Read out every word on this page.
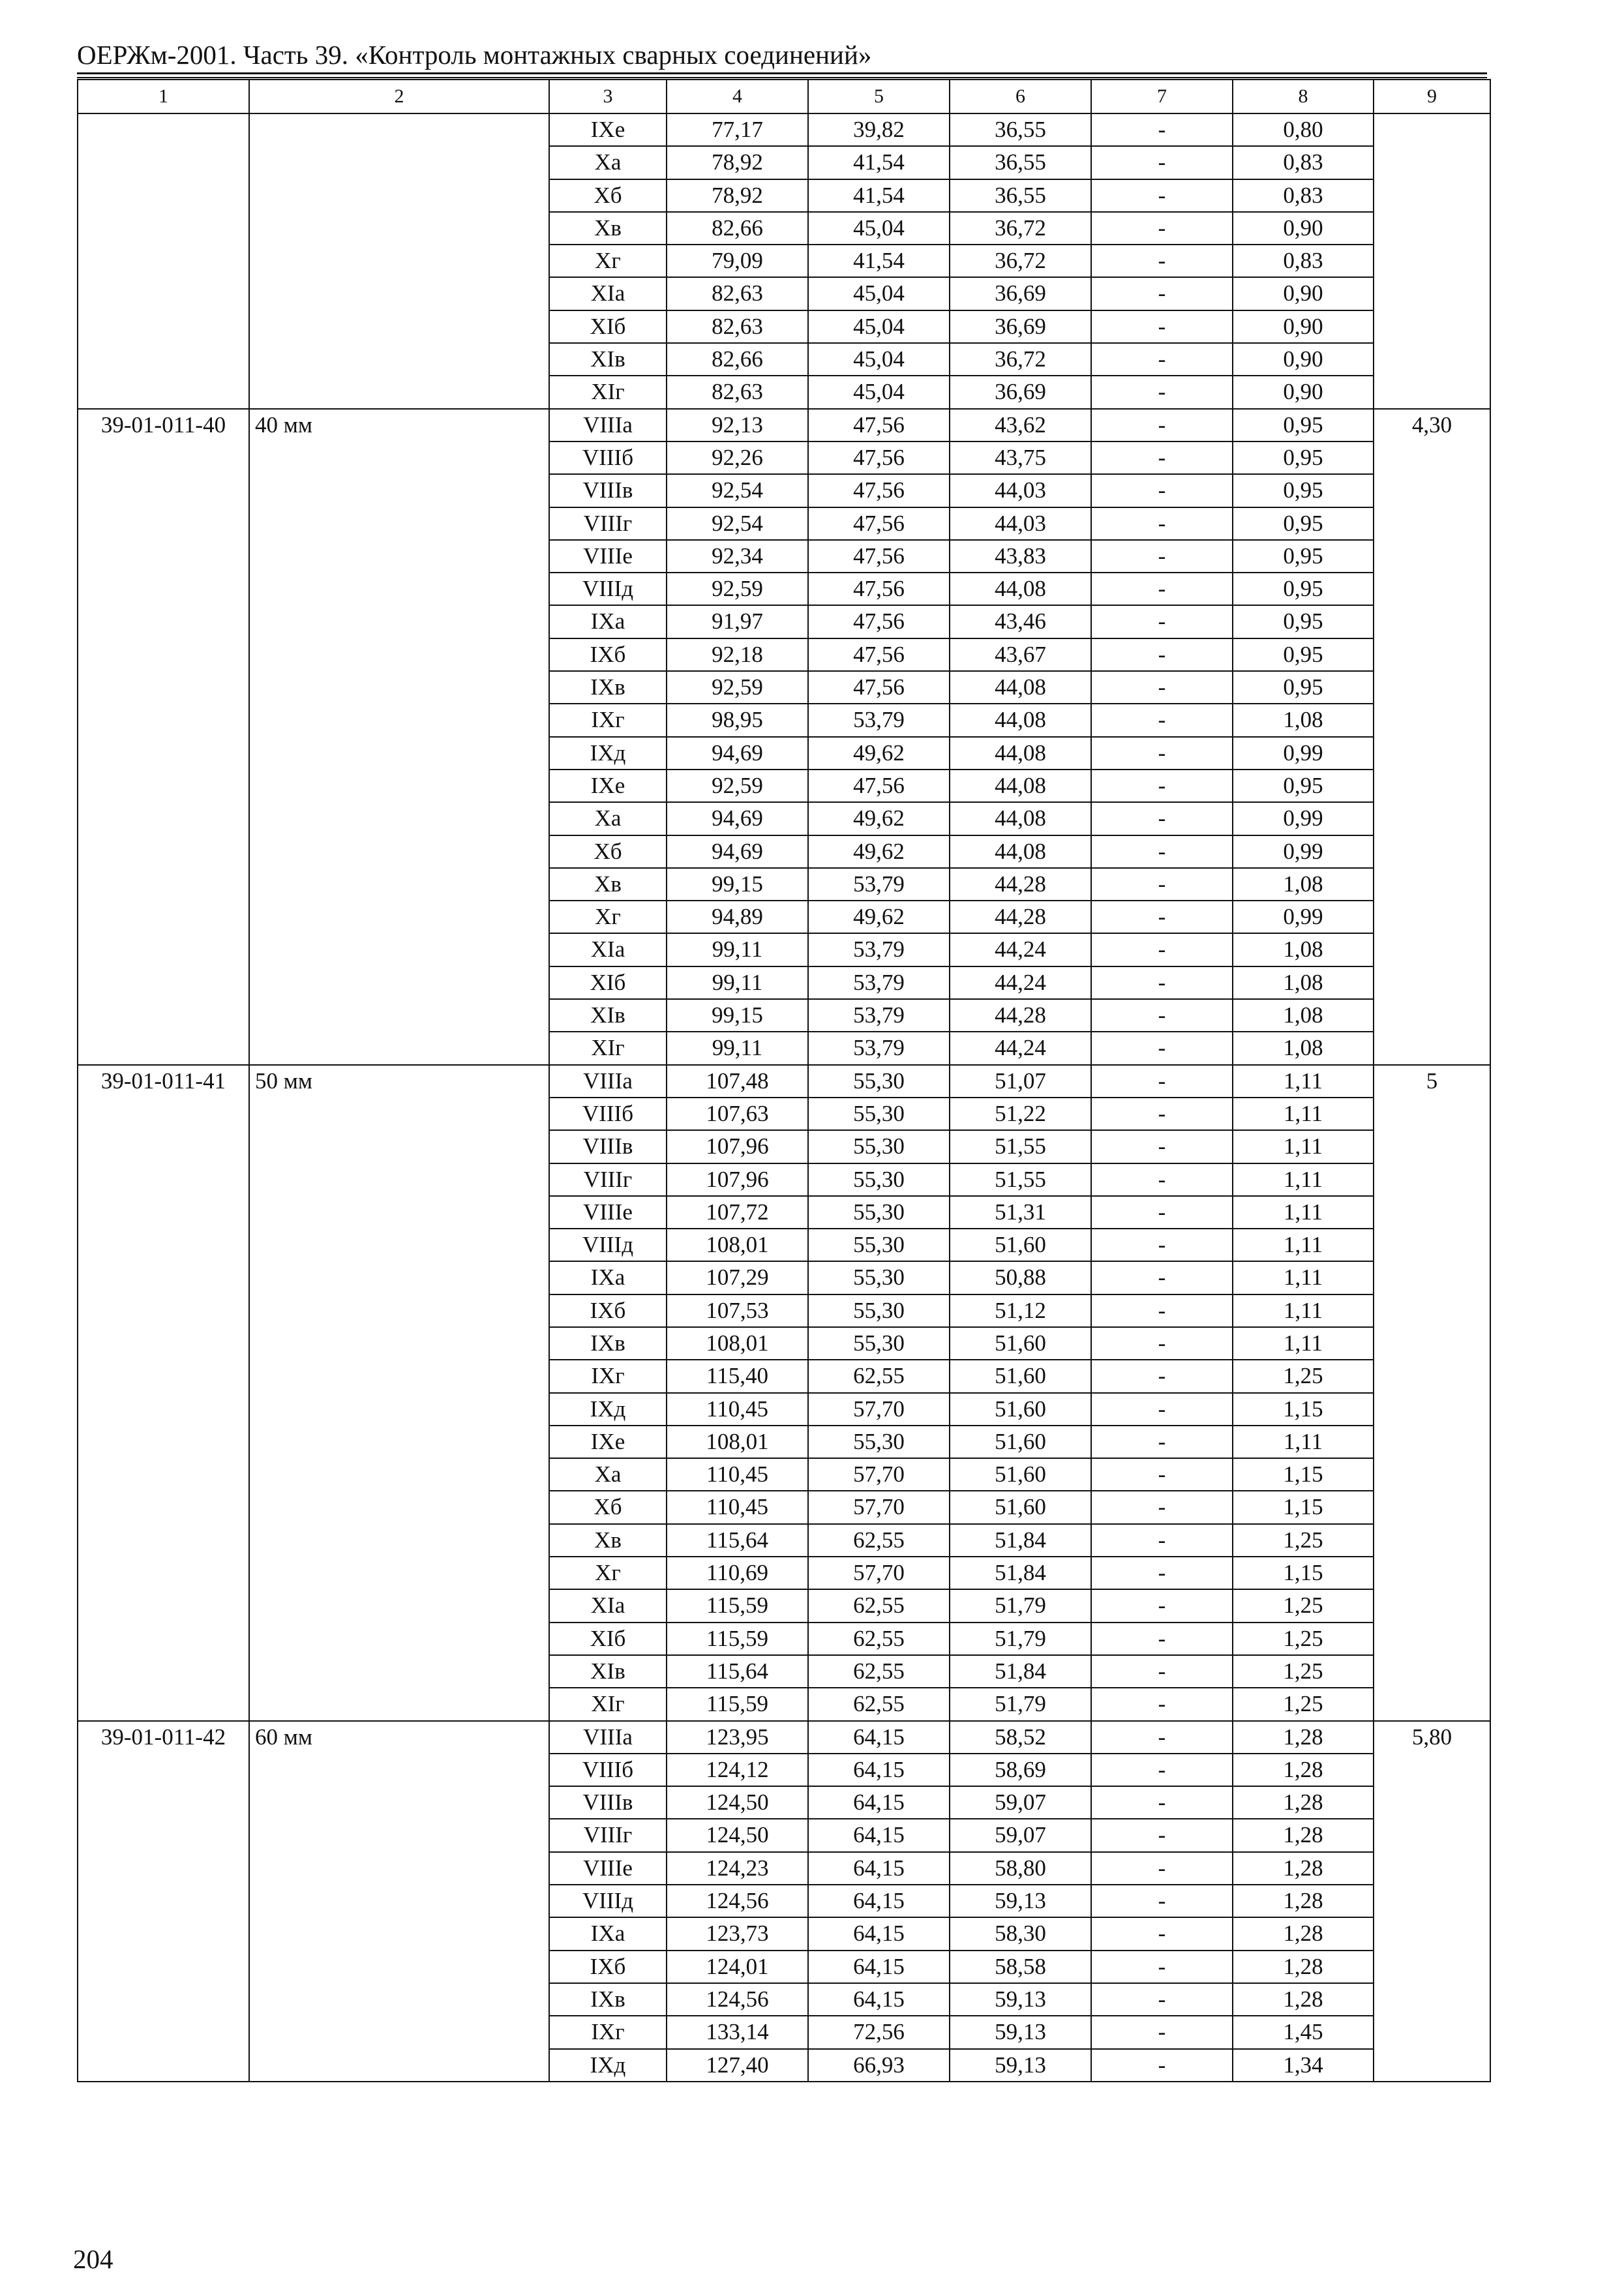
ОЕРЖм-2001. Часть 39. «Контроль монтажных сварных соединений»
1	2	3	4	5	6	7	8	9
		IXе	77,17	39,82	36,55	-	0,80	
		Xа	78,92	41,54	36,55	-	0,83	
		Xб	78,92	41,54	36,55	-	0,83	
		Xв	82,66	45,04	36,72	-	0,90	
		Xг	79,09	41,54	36,72	-	0,83	
		XIа	82,63	45,04	36,69	-	0,90	
		XIб	82,63	45,04	36,69	-	0,90	
		XIв	82,66	45,04	36,72	-	0,90	
		XIг	82,63	45,04	36,69	-	0,90	
39-01-011-40	40 мм	VIIIа	92,13	47,56	43,62	-	0,95	4,30
		VIIIб	92,26	47,56	43,75	-	0,95	
		VIIIв	92,54	47,56	44,03	-	0,95	
		VIIIг	92,54	47,56	44,03	-	0,95	
		VIIIе	92,34	47,56	43,83	-	0,95	
		VIIIд	92,59	47,56	44,08	-	0,95	
		IXа	91,97	47,56	43,46	-	0,95	
		IXб	92,18	47,56	43,67	-	0,95	
		IXв	92,59	47,56	44,08	-	0,95	
		IXг	98,95	53,79	44,08	-	1,08	
		IXд	94,69	49,62	44,08	-	0,99	
		IXе	92,59	47,56	44,08	-	0,95	
		Xа	94,69	49,62	44,08	-	0,99	
		Xб	94,69	49,62	44,08	-	0,99	
		Xв	99,15	53,79	44,28	-	1,08	
		Xг	94,89	49,62	44,28	-	0,99	
		XIа	99,11	53,79	44,24	-	1,08	
		XIб	99,11	53,79	44,24	-	1,08	
		XIв	99,15	53,79	44,28	-	1,08	
		XIг	99,11	53,79	44,24	-	1,08	
39-01-011-41	50 мм	VIIIа	107,48	55,30	51,07	-	1,11	5
		VIIIб	107,63	55,30	51,22	-	1,11	
		VIIIв	107,96	55,30	51,55	-	1,11	
		VIIIг	107,96	55,30	51,55	-	1,11	
		VIIIе	107,72	55,30	51,31	-	1,11	
		VIIIд	108,01	55,30	51,60	-	1,11	
		IXа	107,29	55,30	50,88	-	1,11	
		IXб	107,53	55,30	51,12	-	1,11	
		IXв	108,01	55,30	51,60	-	1,11	
		IXг	115,40	62,55	51,60	-	1,25	
		IXд	110,45	57,70	51,60	-	1,15	
		IXе	108,01	55,30	51,60	-	1,11	
		Xа	110,45	57,70	51,60	-	1,15	
		Xб	110,45	57,70	51,60	-	1,15	
		Xв	115,64	62,55	51,84	-	1,25	
		Xг	110,69	57,70	51,84	-	1,15	
		XIа	115,59	62,55	51,79	-	1,25	
		XIб	115,59	62,55	51,79	-	1,25	
		XIв	115,64	62,55	51,84	-	1,25	
		XIг	115,59	62,55	51,79	-	1,25	
39-01-011-42	60 мм	VIIIа	123,95	64,15	58,52	-	1,28	5,80
		VIIIб	124,12	64,15	58,69	-	1,28	
		VIIIв	124,50	64,15	59,07	-	1,28	
		VIIIг	124,50	64,15	59,07	-	1,28	
		VIIIе	124,23	64,15	58,80	-	1,28	
		VIIIд	124,56	64,15	59,13	-	1,28	
		IXа	123,73	64,15	58,30	-	1,28	
		IXб	124,01	64,15	58,58	-	1,28	
		IXв	124,56	64,15	59,13	-	1,28	
		IXг	133,14	72,56	59,13	-	1,45	
		IXд	127,40	66,93	59,13	-	1,34	
204
